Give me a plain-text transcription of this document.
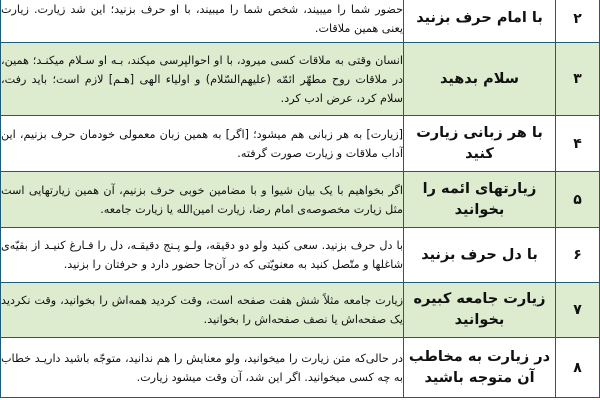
۲	با امام حرف بزنید	حضور شما را میبیند، شخص شما را میبیند، با او حرف بزنید؛ این شد زیارت. زیارت یعنی همین ملاقات.
۳	سلام بدهید	انسان وقتی به ملاقات کسی میرود، با او احوالپرسی میکند، بـه او سـلام میکنـد؛ همین، در ملاقات روح مطهّر ائمّه (علیهم‌السّلام) و اولیاء الهی [هـم] لازم است؛ باید رفت، سلام کرد، عرض ادب کرد.
۴	با هر زبانی زیارت کنید	[زیارت] به هر زبانی هم میشود؛ [اگر] به همین زبان معمولی خودمان حرف بزنیم، این آداب ملاقات و زیارت صورت گرفته.
۵	زیارتهای ائمه را بخوانید	اگر بخواهیم با یک بیان شیوا و با مضامین خوبی حرف بزنیم، آن همین زیارتهایی است مثل زیارت مخصوصه‌ی امام رضا، زیارت امین‌الله یا زیارت جامعه.
۶	با دل حرف بزنید	با دل حرف بزنید. سعی کنید ولو دو دقیقه، ولـو پـنج دقیقـه، دل را فـارغ کنیـد از بقیّه‌ی شاغلها و متّصل کنید به معنویّتی که در آن‌جا حضور دارد و حرفتان را بزنید.
۷	زیارت جامعه کبیره بخوانید	زیارت جامعه مثلاً شش هفت صفحه است، وقت کردید همه‌اش را بخوانید، وقت نکردید یک صفحه‌اش یا نصف صفحه‌اش را بخوانید.
۸	در زیارت به مخاطب آن متوجه باشید	در حالی‌که متن زیارت را میخوانید، ولو معنایش را هم ندانید، متوجّه باشید داریـد خطاب به چه کسی میخوانید. اگر این شد، آن وقت میشود زیارت.
